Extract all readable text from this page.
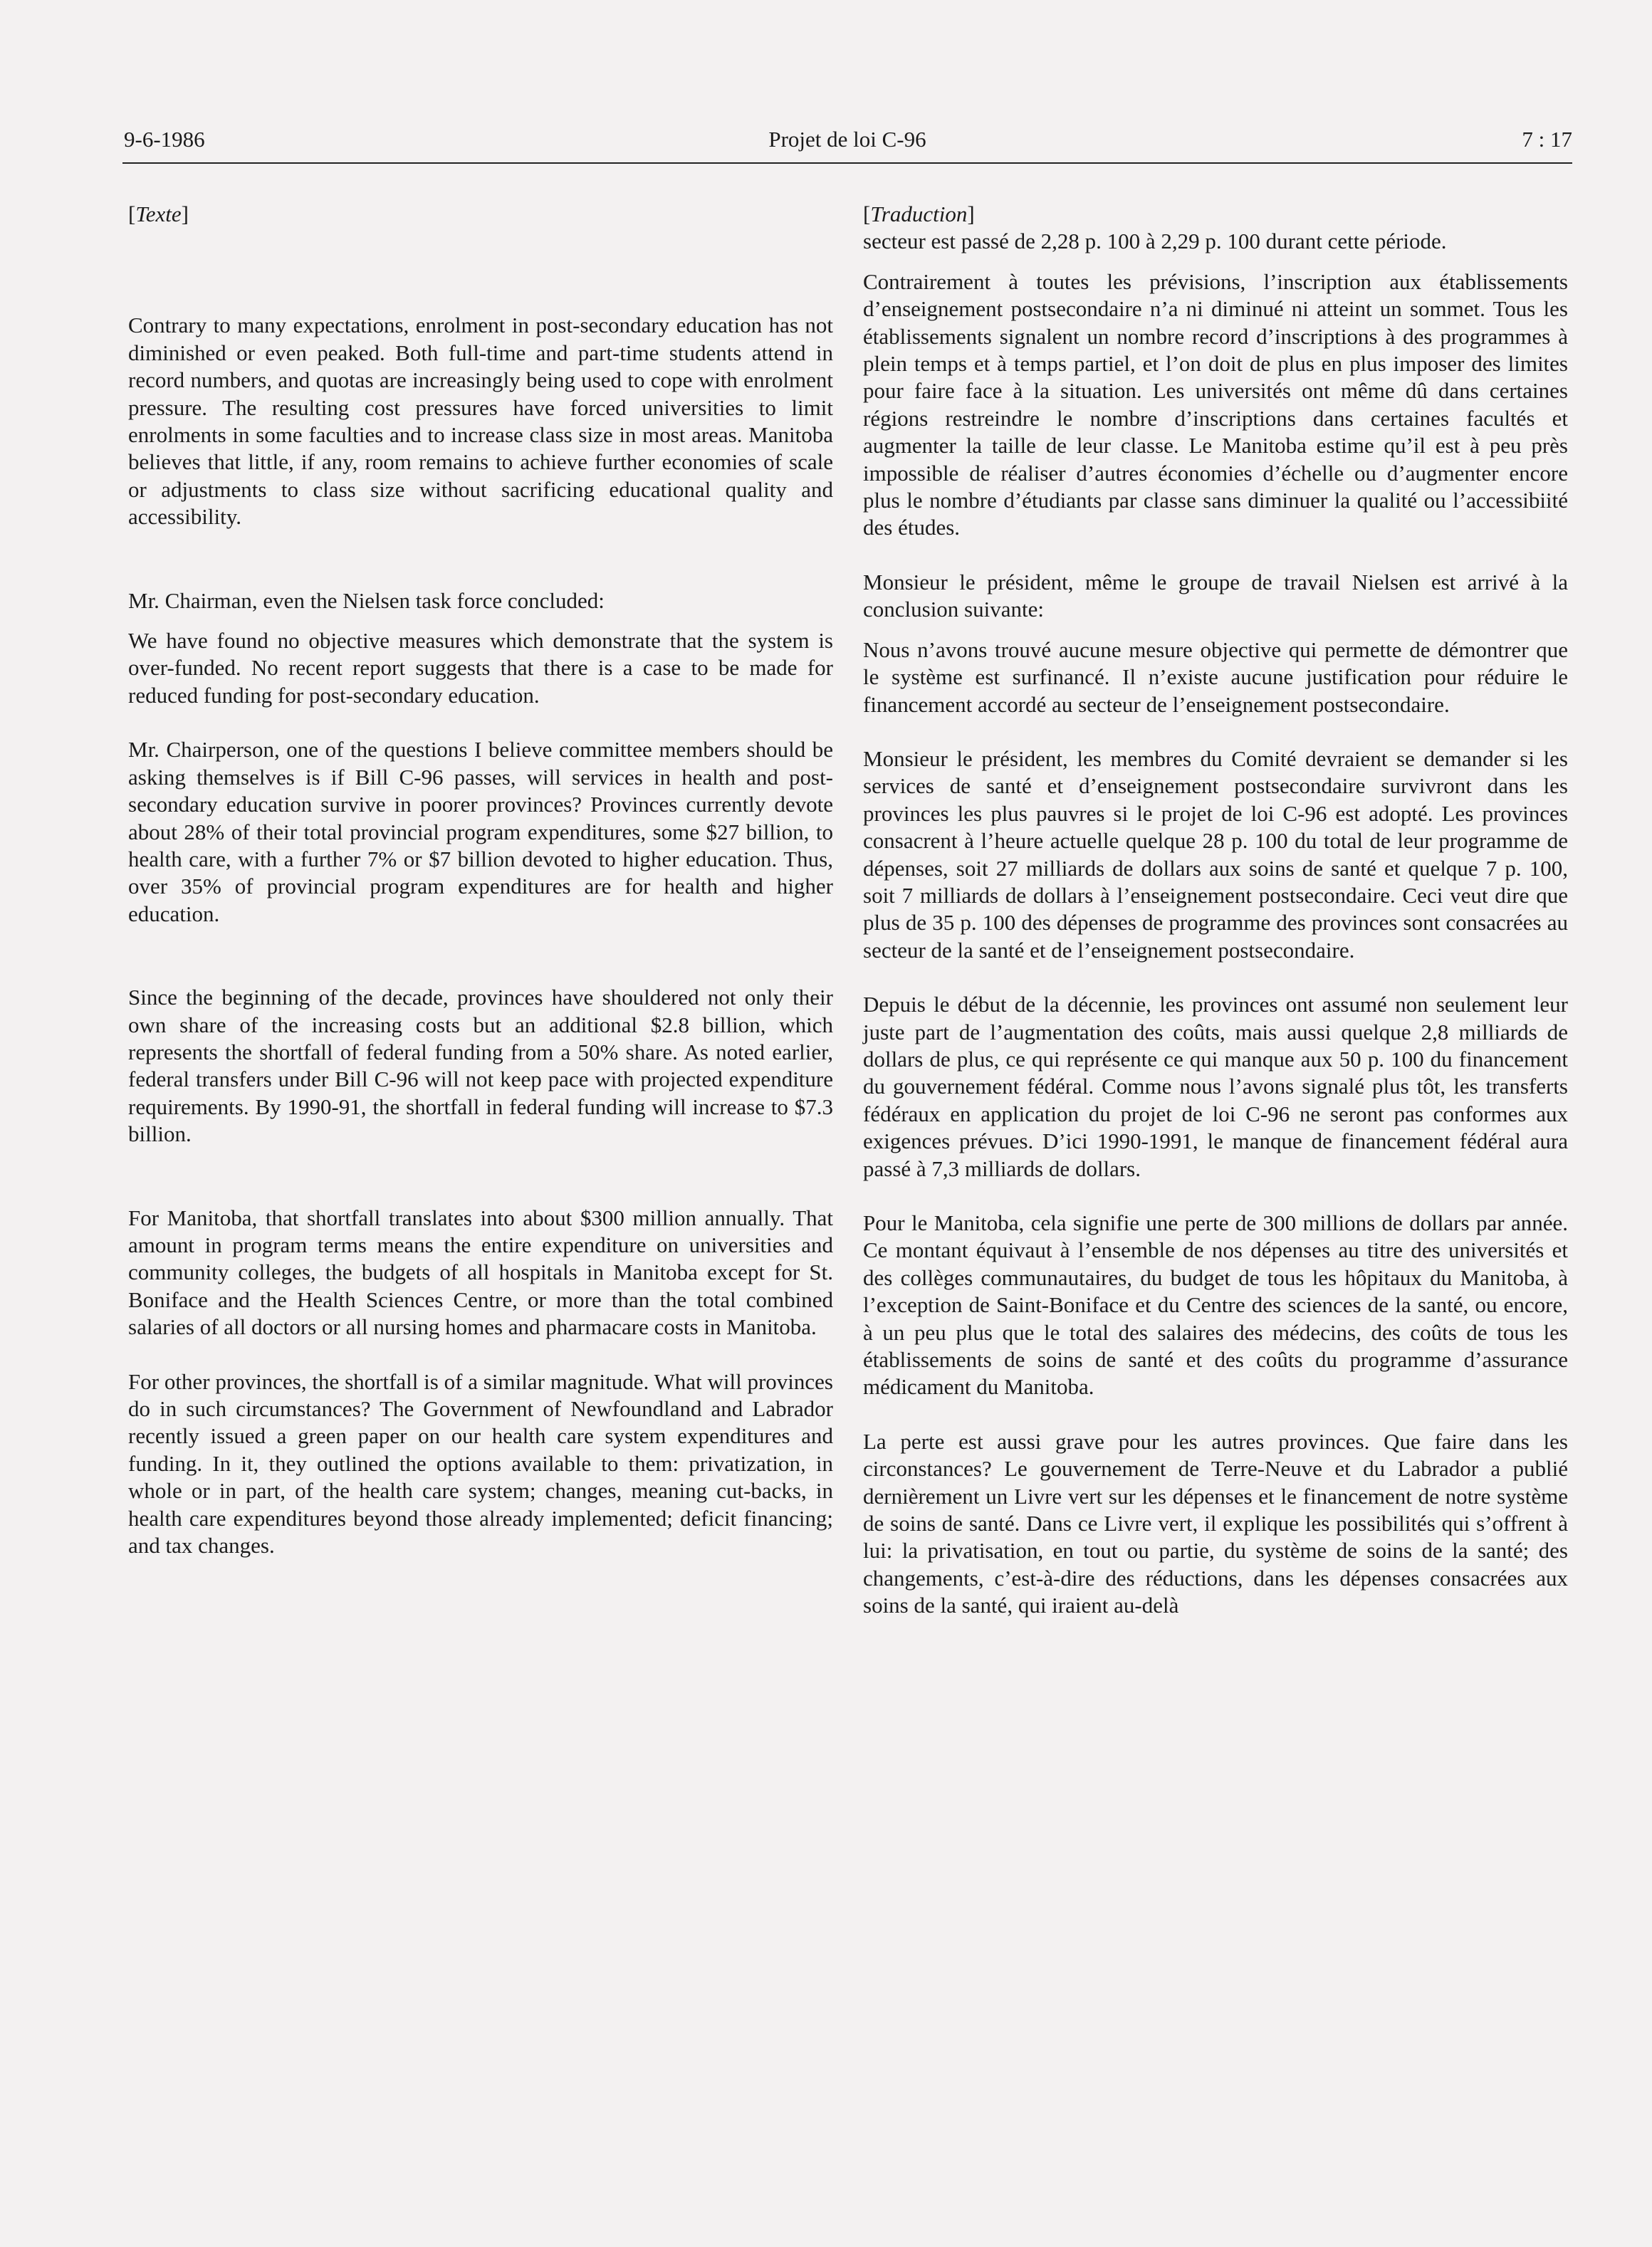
9-6-1986	Projet de loi C-96	7 : 17

[Texte]

Contrary to many expectations, enrolment in post-secondary education has not diminished or even peaked. Both full-time and part-time students attend in record numbers, and quotas are increasingly being used to cope with enrolment pressure. The resulting cost pressures have forced universities to limit enrolments in some faculties and to increase class size in most areas. Manitoba believes that little, if any, room remains to achieve further economies of scale or adjustments to class size without sacrificing educational quality and accessibility.

Mr. Chairman, even the Nielsen task force concluded:

We have found no objective measures which demonstrate that the system is over-funded. No recent report suggests that there is a case to be made for reduced funding for post-secondary education.

Mr. Chairperson, one of the questions I believe committee members should be asking themselves is if Bill C-96 passes, will services in health and post-secondary education survive in poorer provinces? Provinces currently devote about 28% of their total provincial program expenditures, some $27 billion, to health care, with a further 7% or $7 billion devoted to higher education. Thus, over 35% of provincial program expenditures are for health and higher education.

Since the beginning of the decade, provinces have shouldered not only their own share of the increasing costs but an additional $2.8 billion, which represents the shortfall of federal funding from a 50% share. As noted earlier, federal transfers under Bill C-96 will not keep pace with projected expenditure requirements. By 1990-91, the shortfall in federal funding will increase to $7.3 billion.

For Manitoba, that shortfall translates into about $300 million annually. That amount in program terms means the entire expenditure on universities and community colleges, the budgets of all hospitals in Manitoba except for St. Boniface and the Health Sciences Centre, or more than the total combined salaries of all doctors or all nursing homes and pharmacare costs in Manitoba.

For other provinces, the shortfall is of a similar magnitude. What will provinces do in such circumstances? The Government of Newfoundland and Labrador recently issued a green paper on our health care system expenditures and funding. In it, they outlined the options available to them: privatization, in whole or in part, of the health care system; changes, meaning cut-backs, in health care expenditures beyond those already implemented; deficit financing; and tax changes.

[Traduction]

secteur est passé de 2,28 p. 100 à 2,29 p. 100 durant cette période.

Contrairement à toutes les prévisions, l’inscription aux établissements d’enseignement postsecondaire n’a ni diminué ni atteint un sommet. Tous les établissements signalent un nombre record d’inscriptions à des programmes à plein temps et à temps partiel, et l’on doit de plus en plus imposer des limites pour faire face à la situation. Les universités ont même dû dans certaines régions restreindre le nombre d’inscriptions dans certaines facultés et augmenter la taille de leur classe. Le Manitoba estime qu’il est à peu près impossible de réaliser d’autres économies d’échelle ou d’augmenter encore plus le nombre d’étudiants par classe sans diminuer la qualité ou l’accessibiité des études.

Monsieur le président, même le groupe de travail Nielsen est arrivé à la conclusion suivante:

Nous n’avons trouvé aucune mesure objective qui permette de démontrer que le système est surfinancé. Il n’existe aucune justification pour réduire le financement accordé au secteur de l’enseignement postsecondaire.

Monsieur le président, les membres du Comité devraient se demander si les services de santé et d’enseignement postsecondaire survivront dans les provinces les plus pauvres si le projet de loi C-96 est adopté. Les provinces consacrent à l’heure actuelle quelque 28 p. 100 du total de leur programme de dépenses, soit 27 milliards de dollars aux soins de santé et quelque 7 p. 100, soit 7 milliards de dollars à l’enseignement postsecondaire. Ceci veut dire que plus de 35 p. 100 des dépenses de programme des provinces sont consacrées au secteur de la santé et de l’enseignement postsecondaire.

Depuis le début de la décennie, les provinces ont assumé non seulement leur juste part de l’augmentation des coûts, mais aussi quelque 2,8 milliards de dollars de plus, ce qui représente ce qui manque aux 50 p. 100 du financement du gouvernement fédéral. Comme nous l’avons signalé plus tôt, les transferts fédéraux en application du projet de loi C-96 ne seront pas conformes aux exigences prévues. D’ici 1990-1991, le manque de financement fédéral aura passé à 7,3 milliards de dollars.

Pour le Manitoba, cela signifie une perte de 300 millions de dollars par année. Ce montant équivaut à l’ensemble de nos dépenses au titre des universités et des collèges communautaires, du budget de tous les hôpitaux du Manitoba, à l’exception de Saint-Boniface et du Centre des sciences de la santé, ou encore, à un peu plus que le total des salaires des médecins, des coûts de tous les établissements de soins de santé et des coûts du programme d’assurance médicament du Manitoba.

La perte est aussi grave pour les autres provinces. Que faire dans les circonstances? Le gouvernement de Terre-Neuve et du Labrador a publié dernièrement un Livre vert sur les dépenses et le financement de notre système de soins de santé. Dans ce Livre vert, il explique les possibilités qui s’offrent à lui: la privatisation, en tout ou partie, du système de soins de la santé; des changements, c’est-à-dire des réductions, dans les dépenses consacrées aux soins de la santé, qui iraient au-delà
